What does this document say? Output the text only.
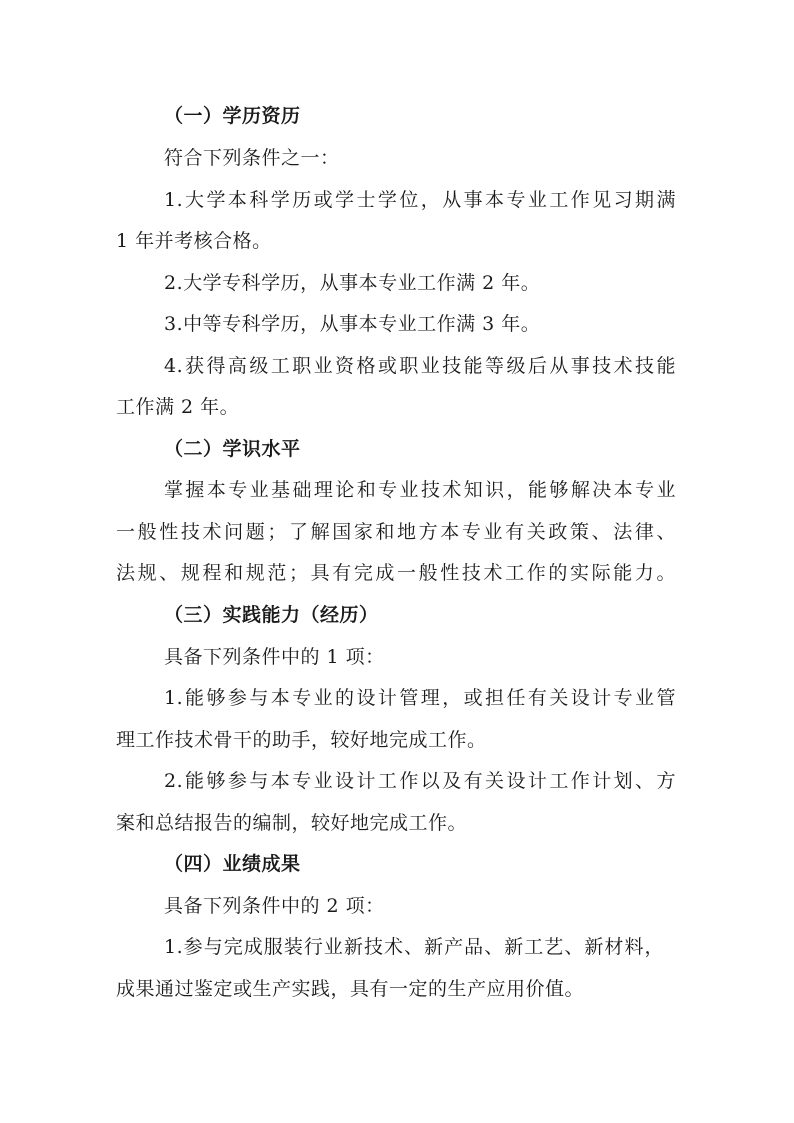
（一）学历资历
符合下列条件之一：
1.大学本科学历或学士学位，从事本专业工作见习期满
1 年并考核合格。
2.大学专科学历，从事本专业工作满 2 年。
3.中等专科学历，从事本专业工作满 3 年。
4.获得高级工职业资格或职业技能等级后从事技术技能
工作满 2 年。
（二）学识水平
掌握本专业基础理论和专业技术知识，能够解决本专业
一般性技术问题；了解国家和地方本专业有关政策、法律、
法规、规程和规范；具有完成一般性技术工作的实际能力。
（三）实践能力（经历）
具备下列条件中的 1 项：
1.能够参与本专业的设计管理，或担任有关设计专业管
理工作技术骨干的助手，较好地完成工作。
2.能够参与本专业设计工作以及有关设计工作计划、方
案和总结报告的编制，较好地完成工作。
（四）业绩成果
具备下列条件中的 2 项：
1.参与完成服装行业新技术、新产品、新工艺、新材料，
成果通过鉴定或生产实践，具有一定的生产应用价值。
